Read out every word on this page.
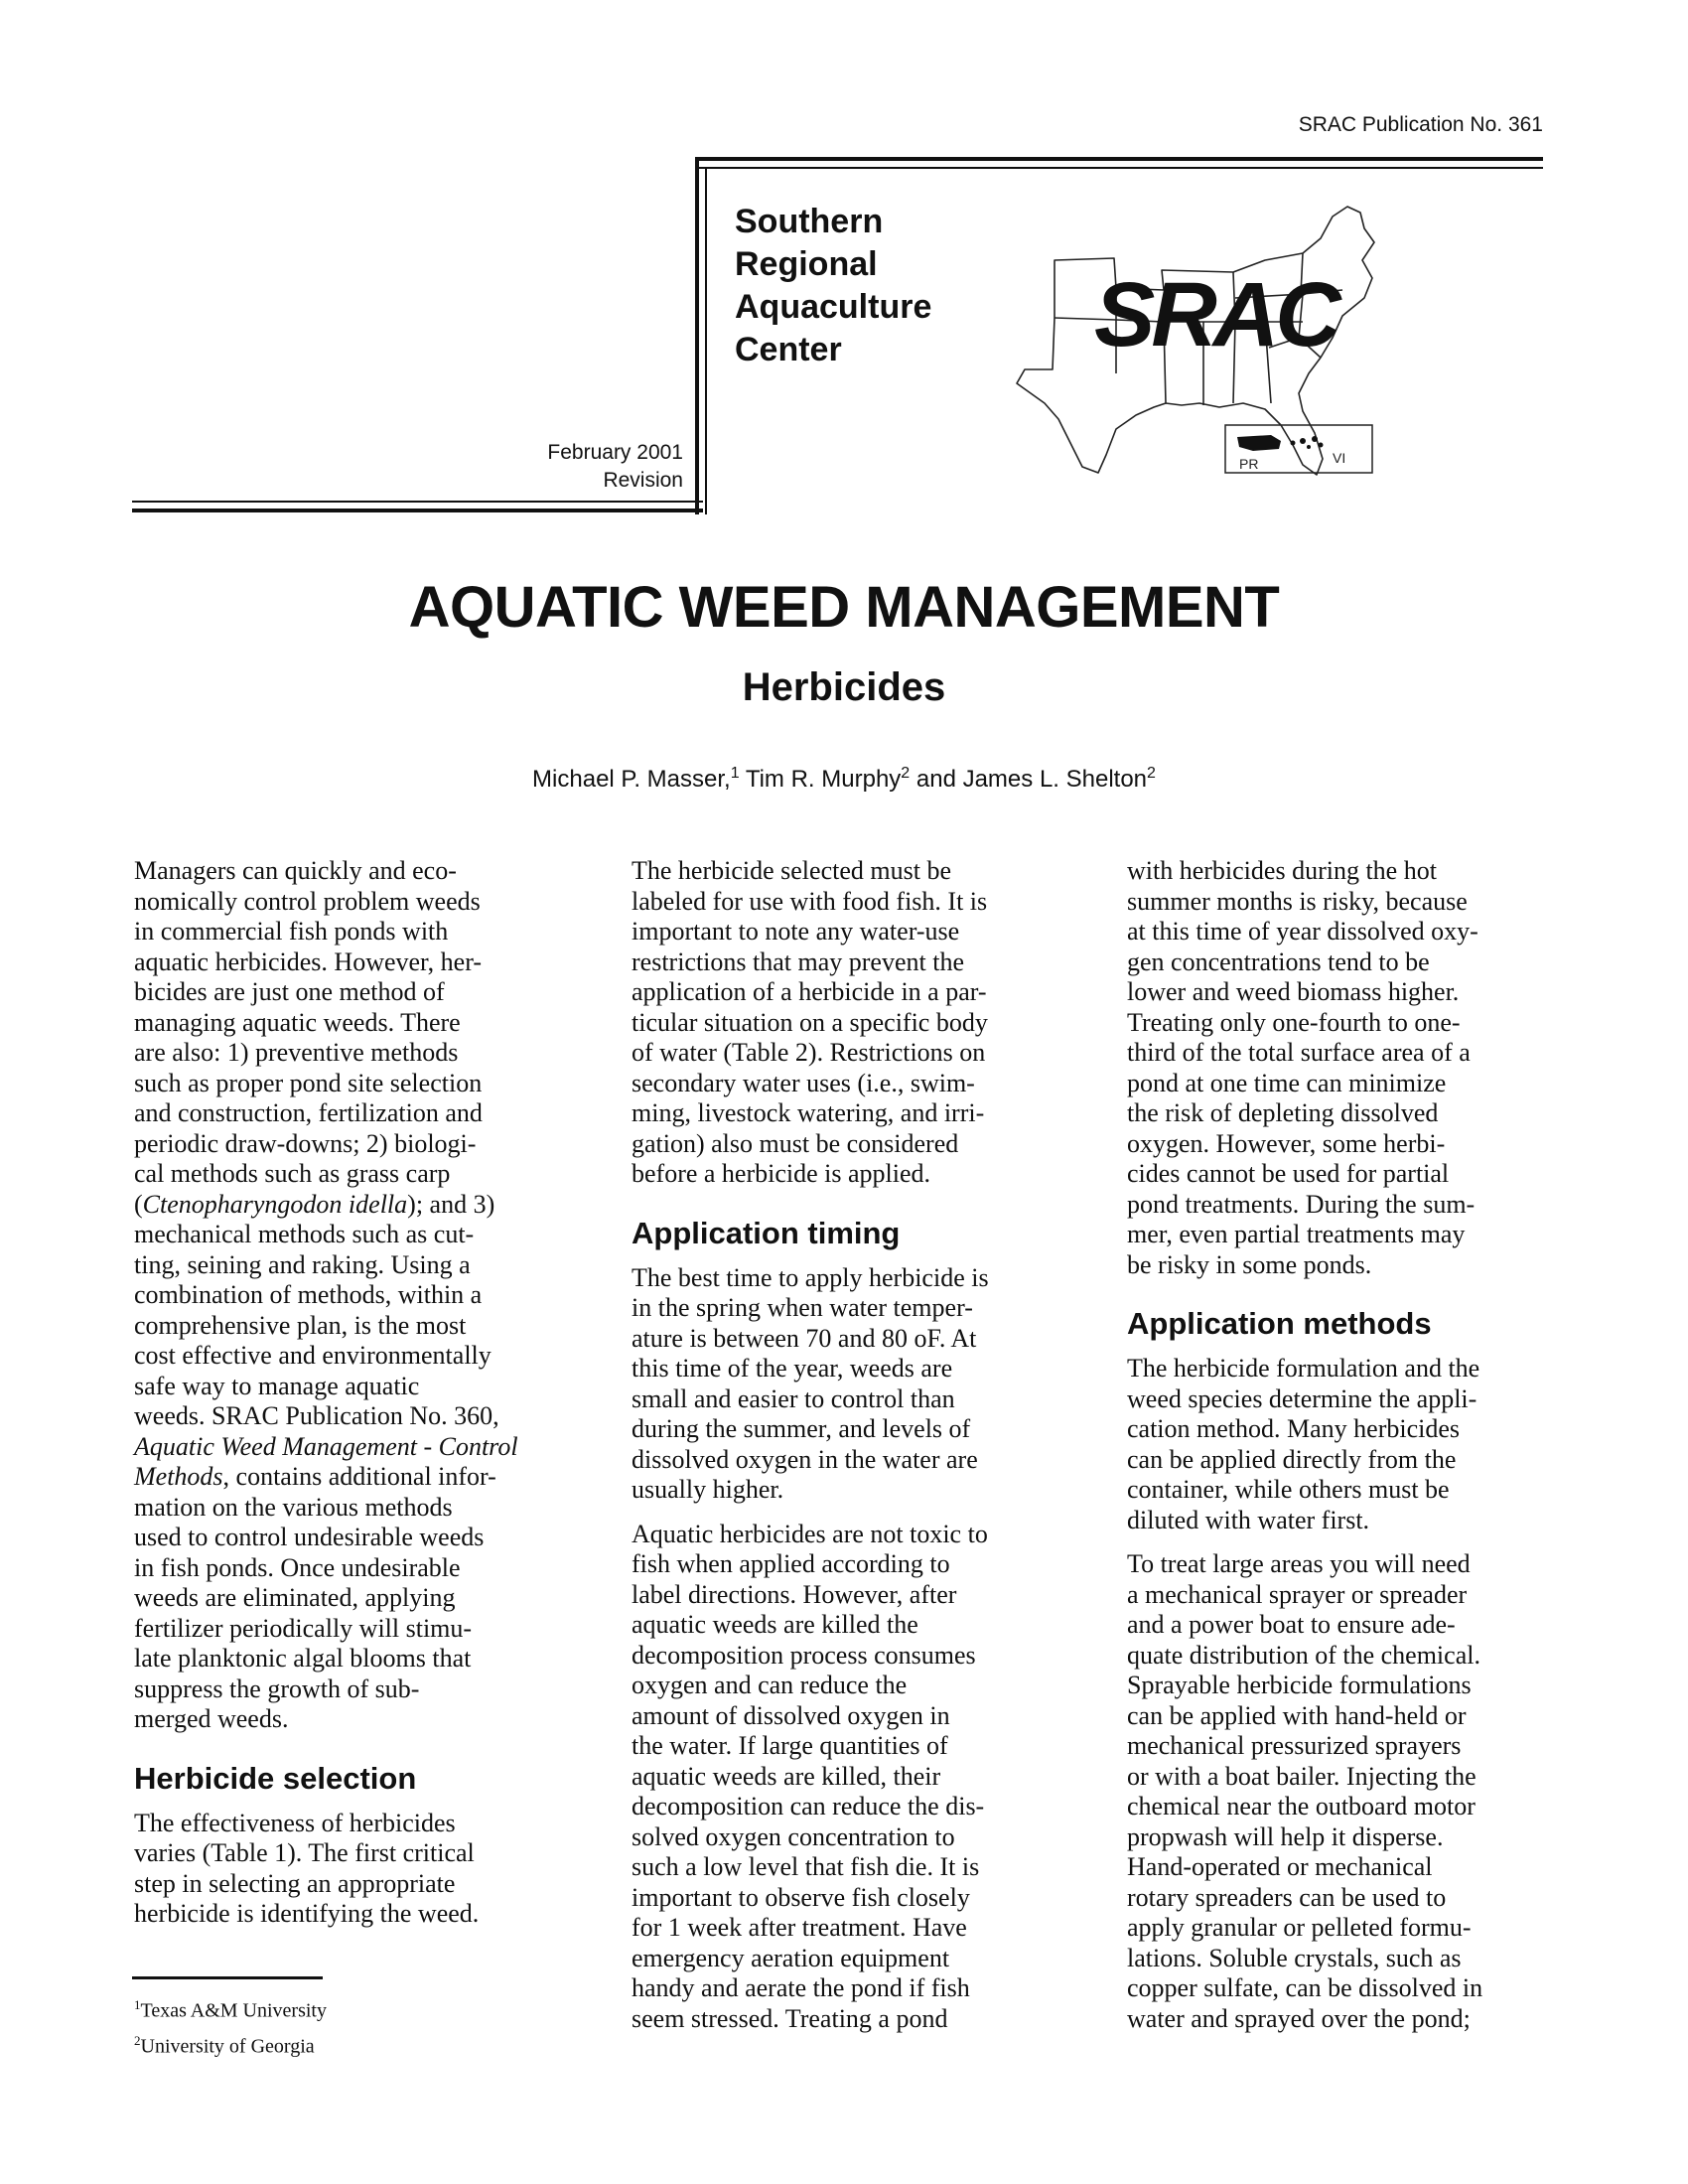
SRAC Publication No. 361
Southern
Regional
Aquaculture
Center
February 2001
Revision
SRAC
PR	VI
AQUATIC WEED MANAGEMENT
Herbicides
Michael P. Masser,$^1$ Tim R. Murphy$^2$ and James L. Shelton$^2$

Managers can quickly and eco-
nomically control problem weeds
in commercial fish ponds with
aquatic herbicides. However, her-
bicides are just one method of
managing aquatic weeds. There
are also: 1) preventive methods
such as proper pond site selection
and construction, fertilization and
periodic draw-downs; 2) biologi-
cal methods such as grass carp
(Ctenopharyngodon idella); and 3)
mechanical methods such as cut-
ting, seining and raking. Using a
combination of methods, within a
comprehensive plan, is the most
cost effective and environmentally
safe way to manage aquatic
weeds. SRAC Publication No. 360,
Aquatic Weed Management - Control
Methods, contains additional infor-
mation on the various methods
used to control undesirable weeds
in fish ponds. Once undesirable
weeds are eliminated, applying
fertilizer periodically will stimu-
late planktonic algal blooms that
suppress the growth of sub-
merged weeds.

Herbicide selection

The effectiveness of herbicides
varies (Table 1). The first critical
step in selecting an appropriate
herbicide is identifying the weed.

The herbicide selected must be
labeled for use with food fish. It is
important to note any water-use
restrictions that may prevent the
application of a herbicide in a par-
ticular situation on a specific body
of water (Table 2). Restrictions on
secondary water uses (i.e., swim-
ming, livestock watering, and irri-
gation) also must be considered
before a herbicide is applied.

Application timing

The best time to apply herbicide is
in the spring when water temper-
ature is between 70 and 80 oF. At
this time of the year, weeds are
small and easier to control than
during the summer, and levels of
dissolved oxygen in the water are
usually higher.

Aquatic herbicides are not toxic to
fish when applied according to
label directions. However, after
aquatic weeds are killed the
decomposition process consumes
oxygen and can reduce the
amount of dissolved oxygen in
the water. If large quantities of
aquatic weeds are killed, their
decomposition can reduce the dis-
solved oxygen concentration to
such a low level that fish die. It is
important to observe fish closely
for 1 week after treatment. Have
emergency aeration equipment
handy and aerate the pond if fish
seem stressed. Treating a pond

with herbicides during the hot
summer months is risky, because
at this time of year dissolved oxy-
gen concentrations tend to be
lower and weed biomass higher.
Treating only one-fourth to one-
third of the total surface area of a
pond at one time can minimize
the risk of depleting dissolved
oxygen. However, some herbi-
cides cannot be used for partial
pond treatments. During the sum-
mer, even partial treatments may
be risky in some ponds.

Application methods

The herbicide formulation and the
weed species determine the appli-
cation method. Many herbicides
can be applied directly from the
container, while others must be
diluted with water first.

To treat large areas you will need
a mechanical sprayer or spreader
and a power boat to ensure ade-
quate distribution of the chemical.
Sprayable herbicide formulations
can be applied with hand-held or
mechanical pressurized sprayers
or with a boat bailer. Injecting the
chemical near the outboard motor
propwash will help it disperse.
Hand-operated or mechanical
rotary spreaders can be used to
apply granular or pelleted formu-
lations. Soluble crystals, such as
copper sulfate, can be dissolved in
water and sprayed over the pond;

$^1$Texas A&M University
$^2$University of Georgia
